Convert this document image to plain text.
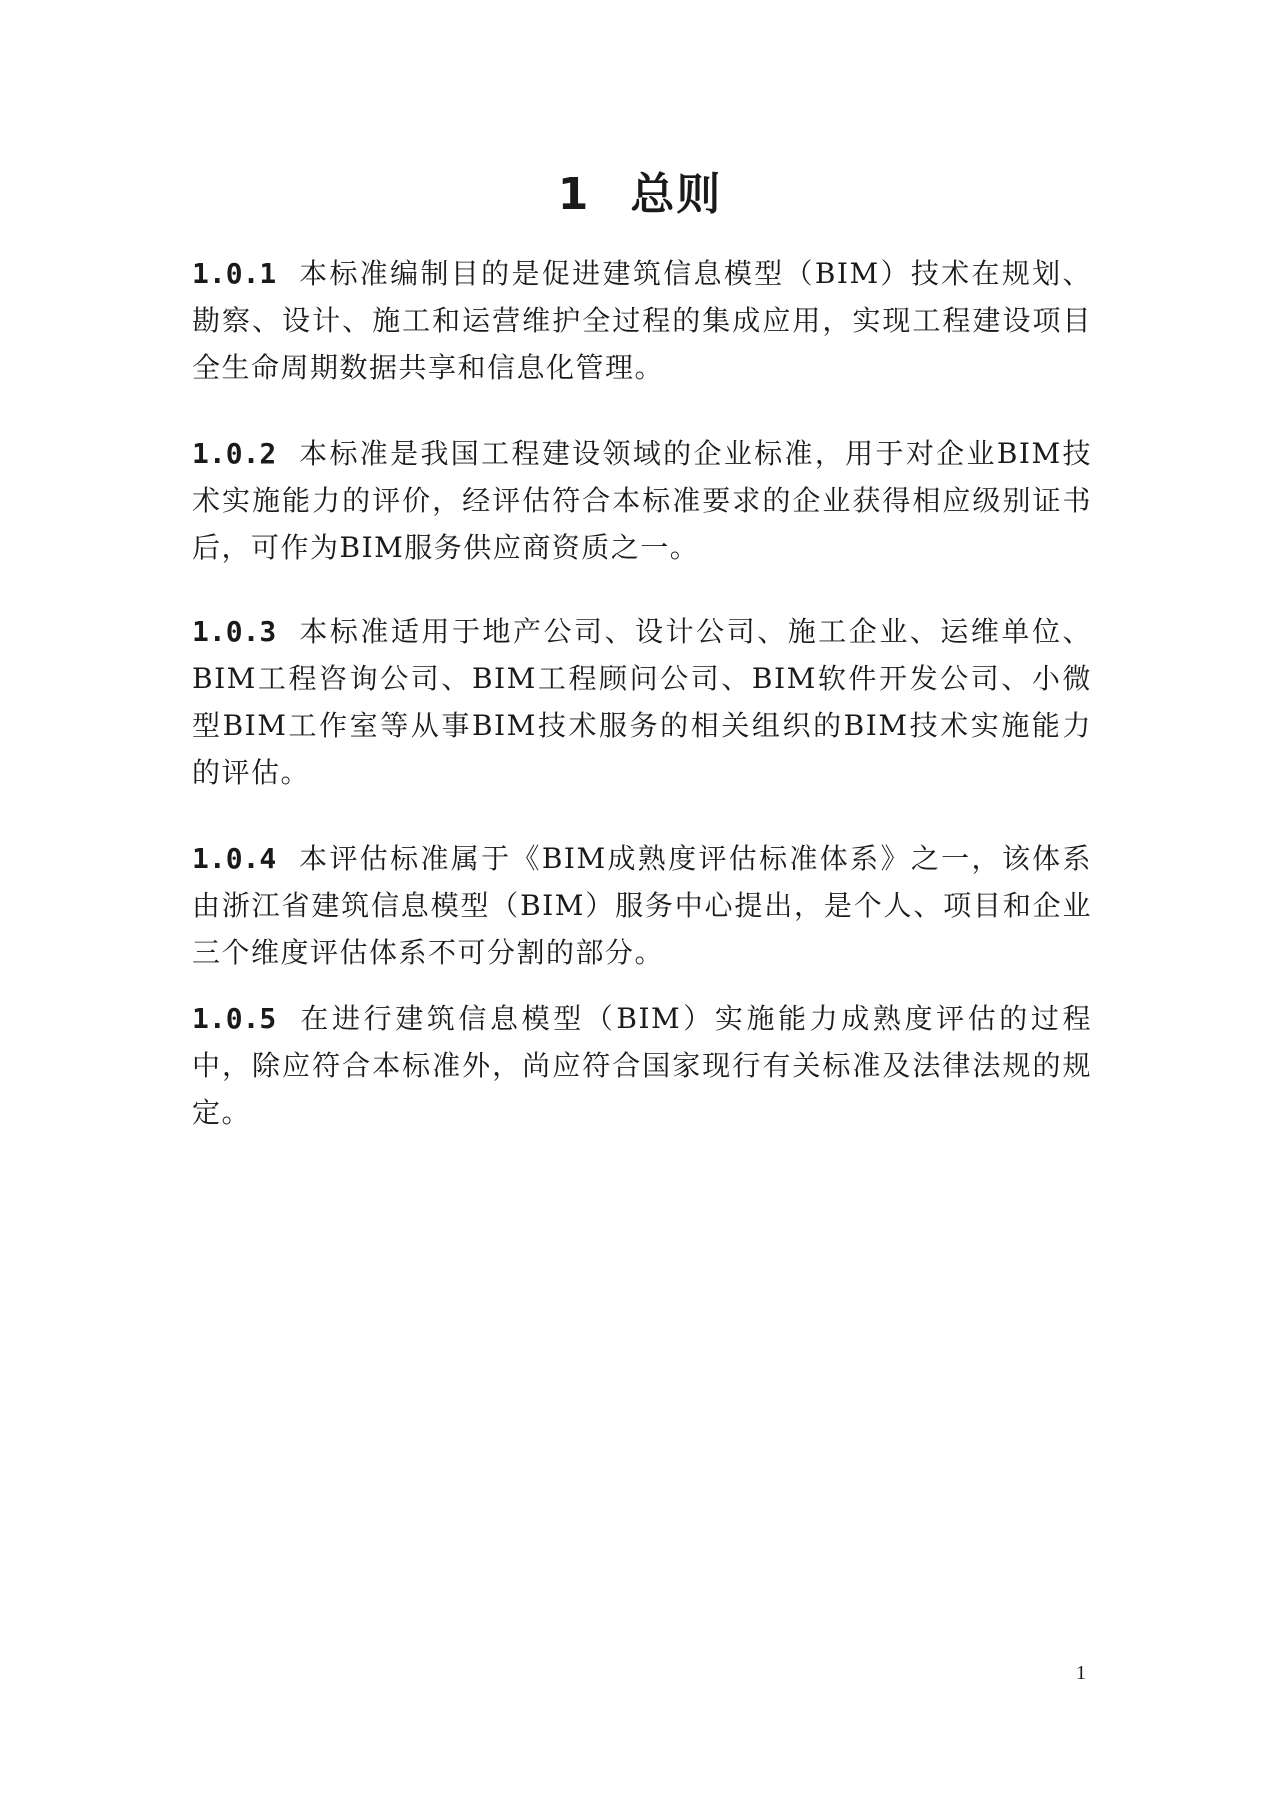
1 总则

1.0.1 本标准编制目的是促进建筑信息模型（BIM）技术在规划、勘察、设计、施工和运营维护全过程的集成应用，实现工程建设项目全生命周期数据共享和信息化管理。

1.0.2 本标准是我国工程建设领域的企业标准，用于对企业BIM技术实施能力的评价，经评估符合本标准要求的企业获得相应级别证书后，可作为BIM服务供应商资质之一。

1.0.3 本标准适用于地产公司、设计公司、施工企业、运维单位、BIM工程咨询公司、BIM工程顾问公司、BIM软件开发公司、小微型BIM工作室等从事BIM技术服务的相关组织的BIM技术实施能力的评估。

1.0.4 本评估标准属于《BIM成熟度评估标准体系》之一，该体系由浙江省建筑信息模型（BIM）服务中心提出，是个人、项目和企业三个维度评估体系不可分割的部分。

1.0.5 在进行建筑信息模型（BIM）实施能力成熟度评估的过程中，除应符合本标准外，尚应符合国家现行有关标准及法律法规的规定。

1
